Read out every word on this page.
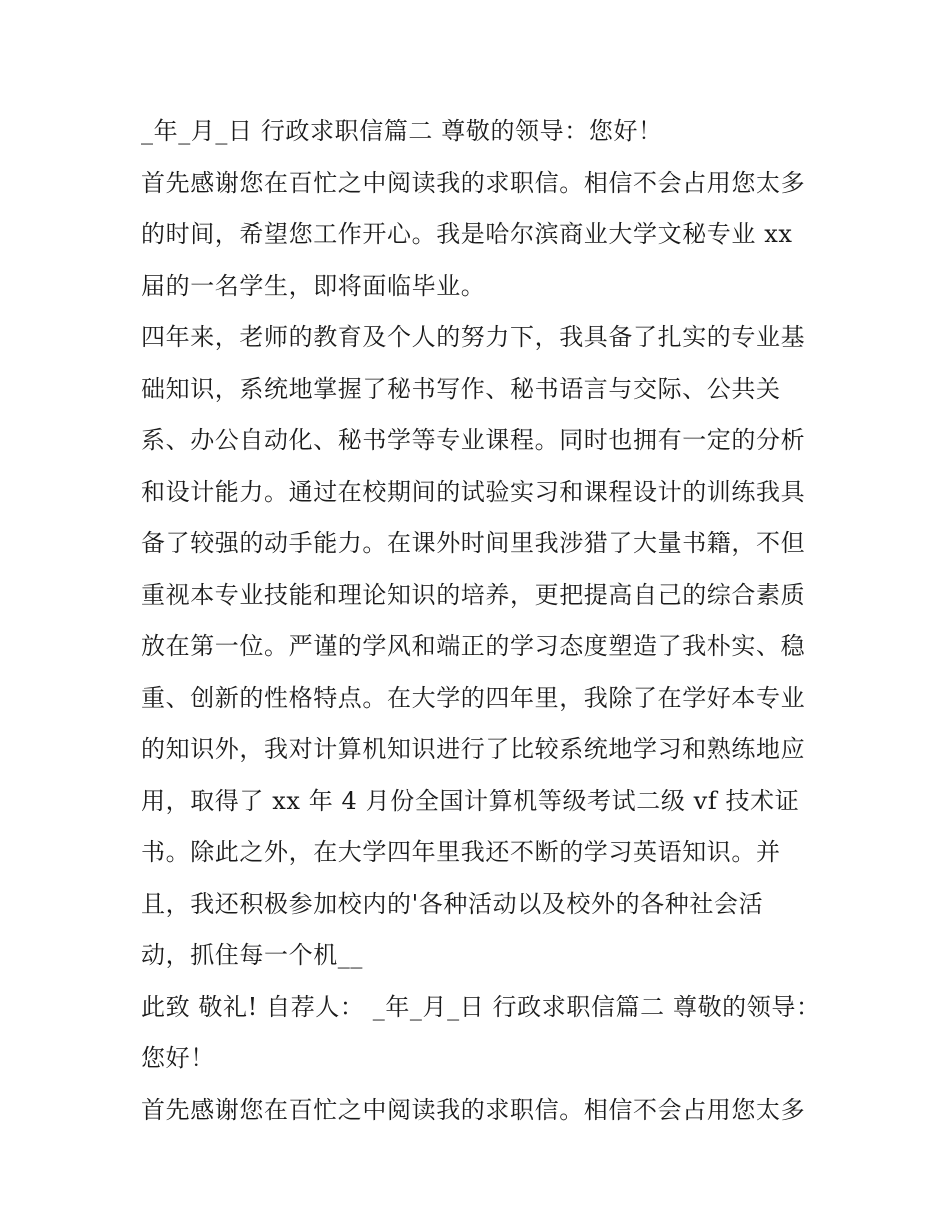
_年_月_日 行政求职信篇二 尊敬的领导：您好！

首先感谢您在百忙之中阅读我的求职信。相信不会占用您太多
的时间，希望您工作开心。我是哈尔滨商业大学文秘专业 xx
届的一名学生，即将面临毕业。

四年来，老师的教育及个人的努力下，我具备了扎实的专业基
础知识，系统地掌握了秘书写作、秘书语言与交际、公共关
系、办公自动化、秘书学等专业课程。同时也拥有一定的分析
和设计能力。通过在校期间的试验实习和课程设计的训练我具
备了较强的动手能力。在课外时间里我涉猎了大量书籍，不但
重视本专业技能和理论知识的培养，更把提高自己的综合素质
放在第一位。严谨的学风和端正的学习态度塑造了我朴实、稳
重、创新的性格特点。在大学的四年里，我除了在学好本专业
的知识外，我对计算机知识进行了比较系统地学习和熟练地应
用，取得了 xx 年 4 月份全国计算机等级考试二级 vf 技术证
书。除此之外，在大学四年里我还不断的学习英语知识。并
且，我还积极参加校内的'各种活动以及校外的各种社会活
动，抓住每一个机__

此致 敬礼! 自荐人： _年_月_日 行政求职信篇二 尊敬的领导：
您好！

首先感谢您在百忙之中阅读我的求职信。相信不会占用您太多
